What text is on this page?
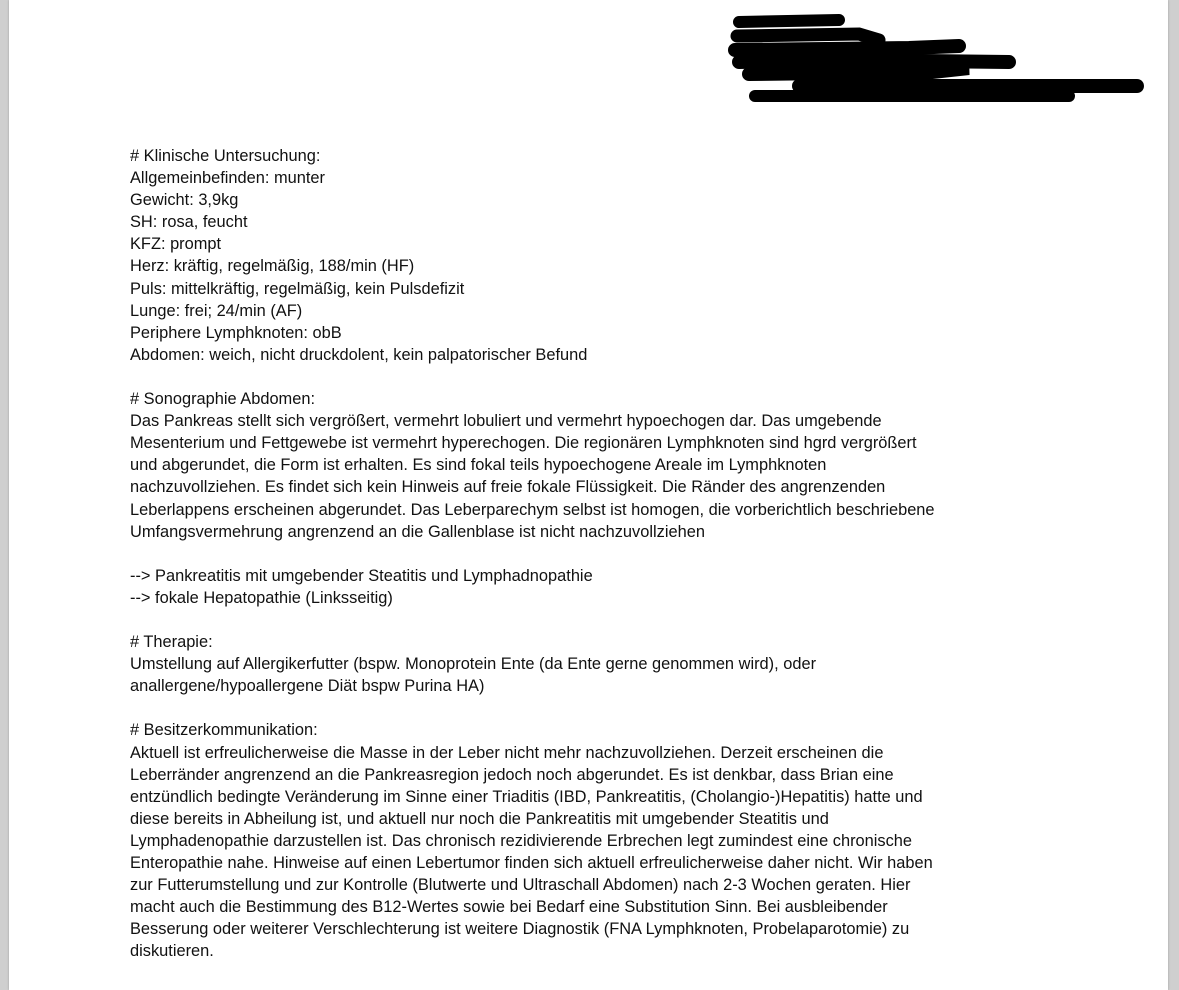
# Klinische Untersuchung:
Allgemeinbefinden: munter
Gewicht: 3,9kg
SH: rosa, feucht
KFZ: prompt
Herz: kräftig, regelmäßig, 188/min (HF)
Puls: mittelkräftig, regelmäßig, kein Pulsdefizit
Lunge: frei; 24/min (AF)
Periphere Lymphknoten: obB
Abdomen: weich, nicht druckdolent, kein palpatorischer Befund
# Sonographie Abdomen:
Das Pankreas stellt sich vergrößert, vermehrt lobuliert und vermehrt hypoechogen dar. Das umgebende
Mesenterium und Fettgewebe ist vermehrt hyperechogen. Die regionären Lymphknoten sind hgrd vergrößert
und abgerundet, die Form ist erhalten. Es sind fokal teils hypoechogene Areale im Lymphknoten
nachzuvollziehen. Es findet sich kein Hinweis auf freie fokale Flüssigkeit. Die Ränder des angrenzenden
Leberlappens erscheinen abgerundet. Das Leberparechym selbst ist homogen, die vorberichtlich beschriebene
Umfangsvermehrung angrenzend an die Gallenblase ist nicht nachzuvollziehen
--> Pankreatitis mit umgebender Steatitis und Lymphadnopathie
--> fokale Hepatopathie (Linksseitig)
# Therapie:
Umstellung auf Allergikerfutter (bspw. Monoprotein Ente (da Ente gerne genommen wird), oder
anallergene/hypoallergene Diät bspw Purina HA)
# Besitzerkommunikation:
Aktuell ist erfreulicherweise die Masse in der Leber nicht mehr nachzuvollziehen. Derzeit erscheinen die
Leberränder angrenzend an die Pankreasregion jedoch noch abgerundet. Es ist denkbar, dass Brian eine
entzündlich bedingte Veränderung im Sinne einer Triaditis (IBD, Pankreatitis, (Cholangio-)Hepatitis) hatte und
diese bereits in Abheilung ist, und aktuell nur noch die Pankreatitis mit umgebender Steatitis und
Lymphadenopathie darzustellen ist. Das chronisch rezidivierende Erbrechen legt zumindest eine chronische
Enteropathie nahe. Hinweise auf einen Lebertumor finden sich aktuell erfreulicherweise daher nicht. Wir haben
zur Futterumstellung und zur Kontrolle (Blutwerte und Ultraschall Abdomen) nach 2-3 Wochen geraten. Hier
macht auch die Bestimmung des B12-Wertes sowie bei Bedarf eine Substitution Sinn. Bei ausbleibender
Besserung oder weiterer Verschlechterung ist weitere Diagnostik (FNA Lymphknoten, Probelaparotomie) zu
diskutieren.
